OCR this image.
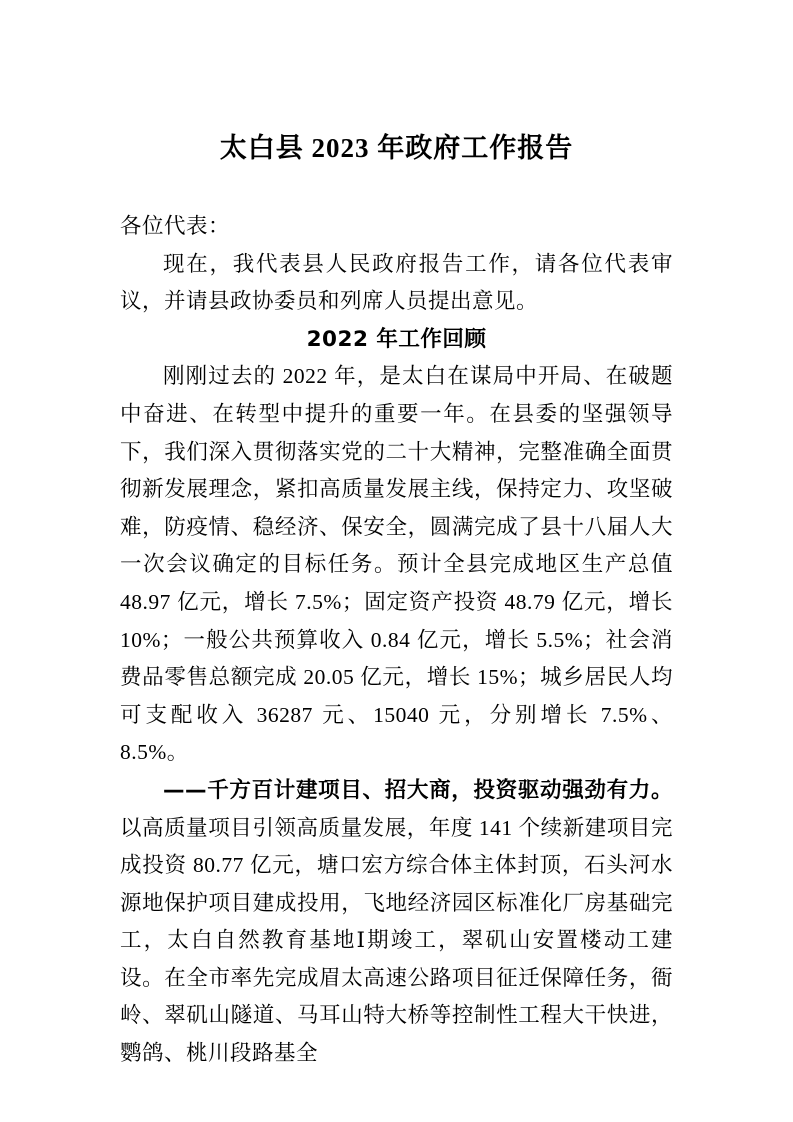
太白县 2023 年政府工作报告

各位代表：

现在，我代表县人民政府报告工作，请各位代表审议，并请县政协委员和列席人员提出意见。

2022 年工作回顾

刚刚过去的 2022 年，是太白在谋局中开局、在破题中奋进、在转型中提升的重要一年。在县委的坚强领导下，我们深入贯彻落实党的二十大精神，完整准确全面贯彻新发展理念，紧扣高质量发展主线，保持定力、攻坚破难，防疫情、稳经济、保安全，圆满完成了县十八届人大一次会议确定的目标任务。预计全县完成地区生产总值 48.97 亿元，增长 7.5%；固定资产投资 48.79 亿元，增长 10%；一般公共预算收入 0.84 亿元，增长 5.5%；社会消费品零售总额完成 20.05 亿元，增长 15%；城乡居民人均可支配收入 36287 元、15040 元，分别增长 7.5%、8.5%。

——千方百计建项目、招大商，投资驱动强劲有力。以高质量项目引领高质量发展，年度 141 个续新建项目完成投资 80.77 亿元，塘口宏方综合体主体封顶，石头河水源地保护项目建成投用，飞地经济园区标准化厂房基础完工，太白自然教育基地Ⅰ期竣工，翠矶山安置楼动工建设。在全市率先完成眉太高速公路项目征迁保障任务，衙岭、翠矶山隧道、马耳山特大桥等控制性工程大干快进，鹦鸽、桃川段路基全
